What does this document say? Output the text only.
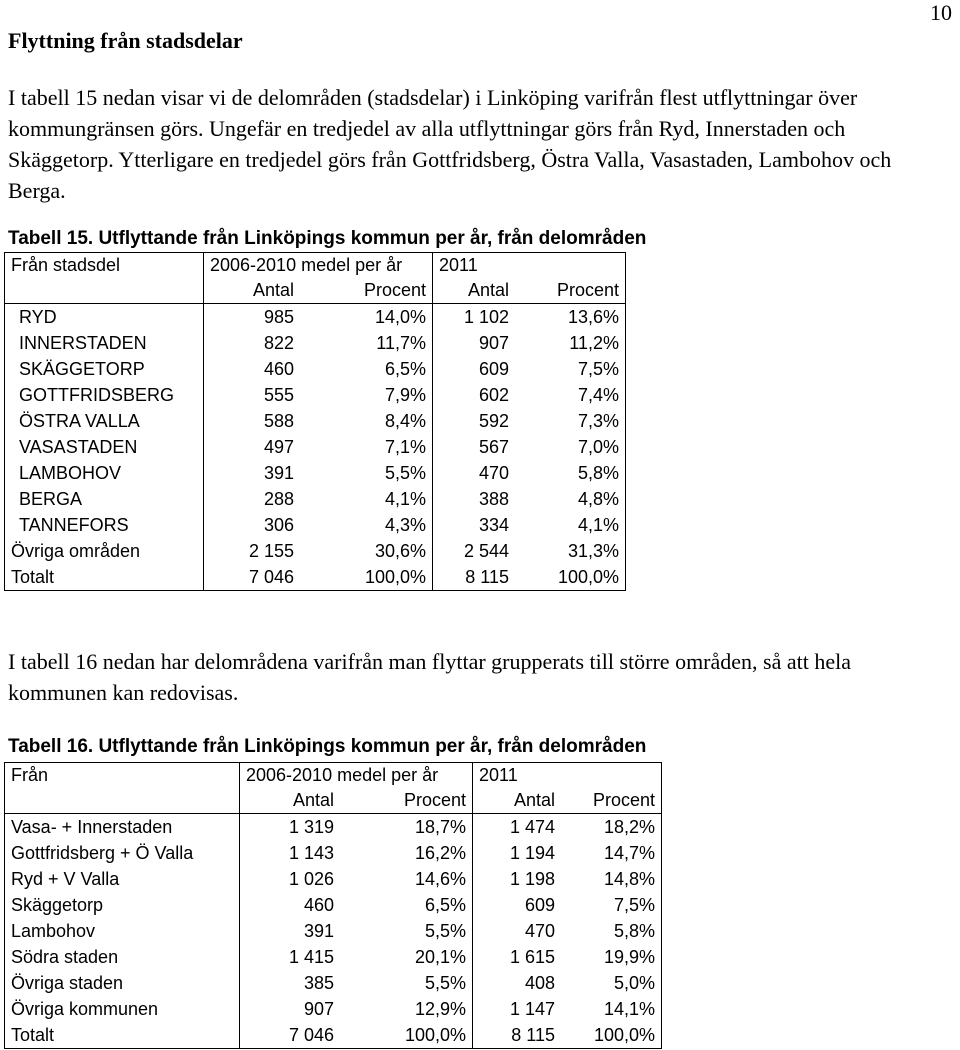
10
Flyttning från stadsdelar
I tabell 15 nedan visar vi de delområden (stadsdelar) i Linköping varifrån flest utflyttningar över kommungränsen görs. Ungefär en tredjedel av alla utflyttningar görs från Ryd, Innerstaden och Skäggetorp. Ytterligare en tredjedel görs från Gottfridsberg, Östra Valla, Vasastaden, Lambohov och Berga.
Tabell 15. Utflyttande från Linköpings kommun per år, från delområden
Från stadsdel	2006-2010 medel per år		2011	
	Antal	Procent	Antal	Procent
RYD	985	14,0%	1 102	13,6%
INNERSTADEN	822	11,7%	907	11,2%
SKÄGGETORP	460	6,5%	609	7,5%
GOTTFRIDSBERG	555	7,9%	602	7,4%
ÖSTRA VALLA	588	8,4%	592	7,3%
VASASTADEN	497	7,1%	567	7,0%
LAMBOHOV	391	5,5%	470	5,8%
BERGA	288	4,1%	388	4,8%
TANNEFORS	306	4,3%	334	4,1%
Övriga områden	2 155	30,6%	2 544	31,3%
Totalt	7 046	100,0%	8 115	100,0%
I tabell 16 nedan har delområdena varifrån man flyttar grupperats till större områden, så att hela kommunen kan redovisas.
Tabell 16. Utflyttande från Linköpings kommun per år, från delområden
Från	2006-2010 medel per år		2011	
	Antal	Procent	Antal	Procent
Vasa- + Innerstaden	1 319	18,7%	1 474	18,2%
Gottfridsberg + Ö Valla	1 143	16,2%	1 194	14,7%
Ryd + V Valla	1 026	14,6%	1 198	14,8%
Skäggetorp	460	6,5%	609	7,5%
Lambohov	391	5,5%	470	5,8%
Södra staden	1 415	20,1%	1 615	19,9%
Övriga staden	385	5,5%	408	5,0%
Övriga kommunen	907	12,9%	1 147	14,1%
Totalt	7 046	100,0%	8 115	100,0%
